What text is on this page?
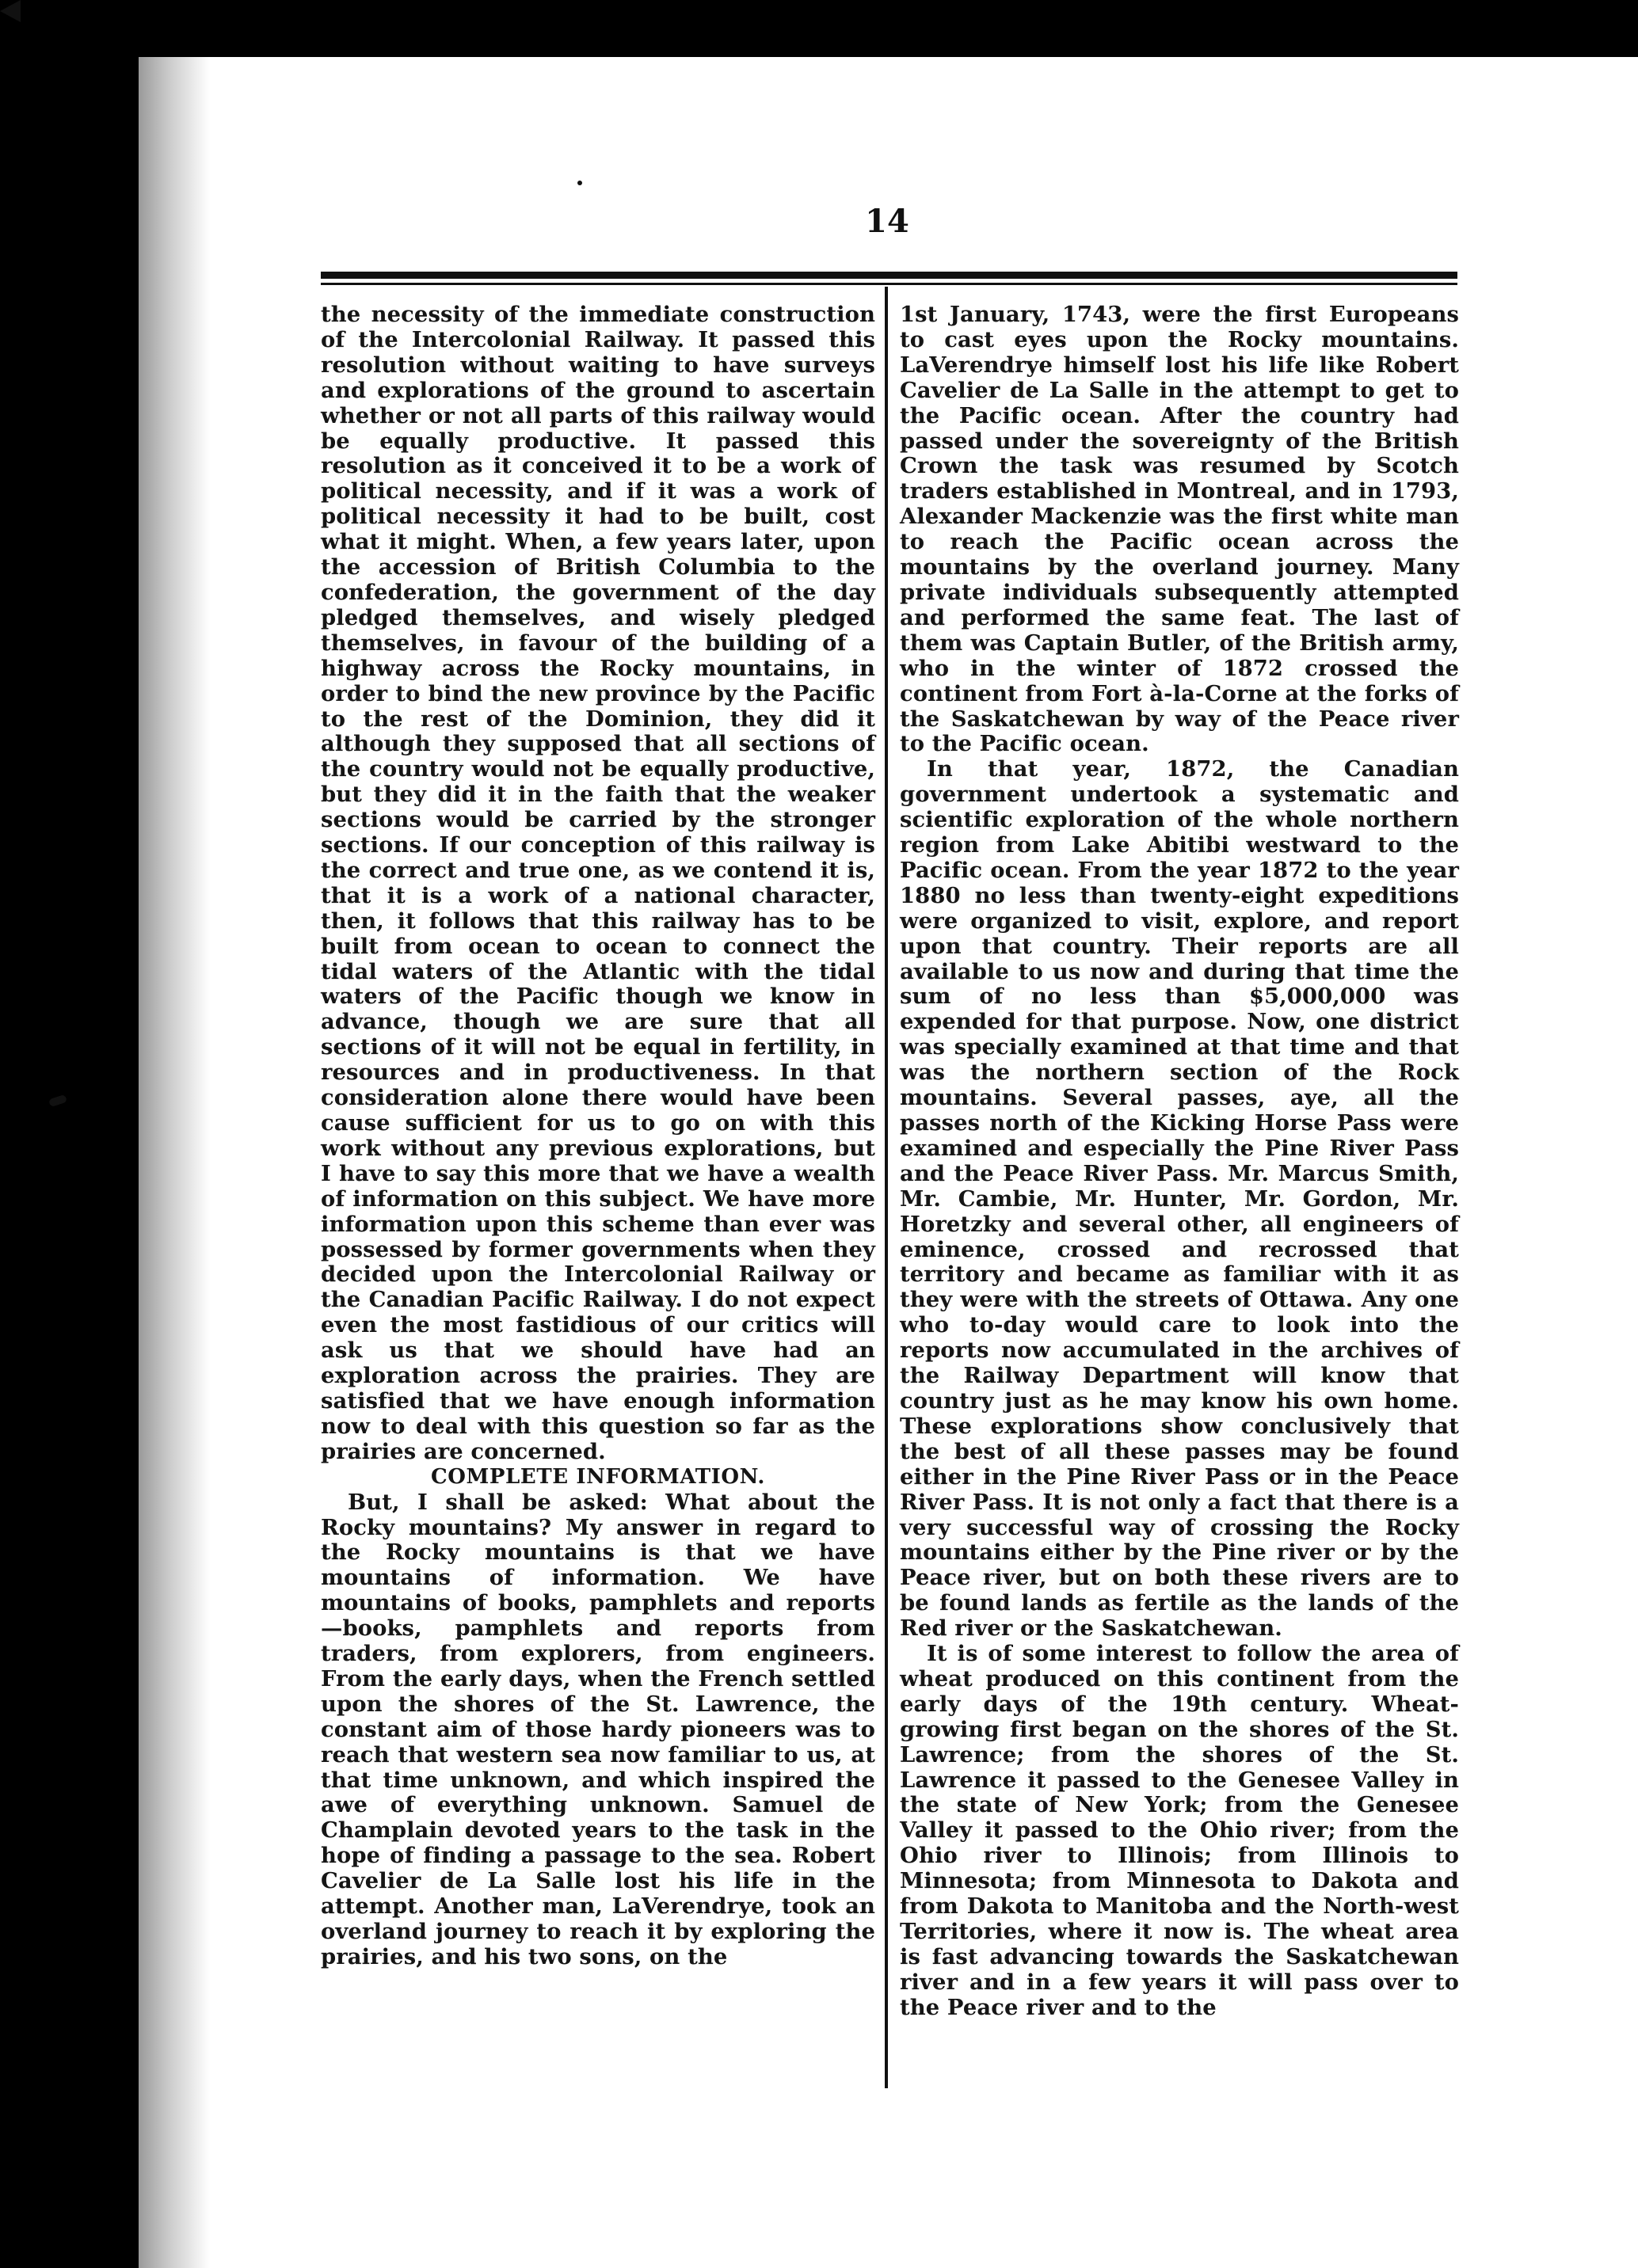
14

the necessity of the immediate construction of the Intercolonial Railway. It passed this resolution without waiting to have surveys and explorations of the ground to ascertain whether or not all parts of this railway would be equally productive. It passed this resolution as it conceived it to be a work of political necessity, and if it was a work of political necessity it had to be built, cost what it might. When, a few years later, upon the accession of British Columbia to the confederation, the government of the day pledged themselves, and wisely pledged themselves, in favour of the building of a highway across the Rocky mountains, in order to bind the new province by the Pacific to the rest of the Dominion, they did it although they supposed that all sections of the country would not be equally productive, but they did it in the faith that the weaker sections would be carried by the stronger sections. If our conception of this railway is the correct and true one, as we contend it is, that it is a work of a national character, then, it follows that this railway has to be built from ocean to ocean to connect the tidal waters of the Atlantic with the tidal waters of the Pacific though we know in advance, though we are sure that all sections of it will not be equal in fertility, in resources and in productiveness. In that consideration alone there would have been cause sufficient for us to go on with this work without any previous explorations, but I have to say this more that we have a wealth of information on this subject. We have more information upon this scheme than ever was possessed by former governments when they decided upon the Intercolonial Railway or the Canadian Pacific Railway. I do not expect even the most fastidious of our critics will ask us that we should have had an exploration across the prairies. They are satisfied that we have enough information now to deal with this question so far as the prairies are concerned.

COMPLETE INFORMATION.

But, I shall be asked: What about the Rocky mountains? My answer in regard to the Rocky mountains is that we have mountains of information. We have mountains of books, pamphlets and reports—books, pamphlets and reports from traders, from explorers, from engineers. From the early days, when the French settled upon the shores of the St. Lawrence, the constant aim of those hardy pioneers was to reach that western sea now familiar to us, at that time unknown, and which inspired the awe of everything unknown. Samuel de Champlain devoted years to the task in the hope of finding a passage to the sea. Robert Cavelier de La Salle lost his life in the attempt. Another man, LaVerendrye, took an overland journey to reach it by exploring the prairies, and his two sons, on the

1st January, 1743, were the first Europeans to cast eyes upon the Rocky mountains. LaVerendrye himself lost his life like Robert Cavelier de La Salle in the attempt to get to the Pacific ocean. After the country had passed under the sovereignty of the British Crown the task was resumed by Scotch traders established in Montreal, and in 1793, Alexander Mackenzie was the first white man to reach the Pacific ocean across the mountains by the overland journey. Many private individuals subsequently attempted and performed the same feat. The last of them was Captain Butler, of the British army, who in the winter of 1872 crossed the continent from Fort à-la-Corne at the forks of the Saskatchewan by way of the Peace river to the Pacific ocean.

In that year, 1872, the Canadian government undertook a systematic and scientific exploration of the whole northern region from Lake Abitibi westward to the Pacific ocean. From the year 1872 to the year 1880 no less than twenty-eight expeditions were organized to visit, explore, and report upon that country. Their reports are all available to us now and during that time the sum of no less than $5,000,000 was expended for that purpose. Now, one district was specially examined at that time and that was the northern section of the Rock mountains. Several passes, aye, all the passes north of the Kicking Horse Pass were examined and especially the Pine River Pass and the Peace River Pass. Mr. Marcus Smith, Mr. Cambie, Mr. Hunter, Mr. Gordon, Mr. Horetzky and several other, all engineers of eminence, crossed and recrossed that territory and became as familiar with it as they were with the streets of Ottawa. Any one who to-day would care to look into the reports now accumulated in the archives of the Railway Department will know that country just as he may know his own home. These explorations show conclusively that the best of all these passes may be found either in the Pine River Pass or in the Peace River Pass. It is not only a fact that there is a very successful way of crossing the Rocky mountains either by the Pine river or by the Peace river, but on both these rivers are to be found lands as fertile as the lands of the Red river or the Saskatchewan.

It is of some interest to follow the area of wheat produced on this continent from the early days of the 19th century. Wheat-growing first began on the shores of the St. Lawrence; from the shores of the St. Lawrence it passed to the Genesee Valley in the state of New York; from the Genesee Valley it passed to the Ohio river; from the Ohio river to Illinois; from Illinois to Minnesota; from Minnesota to Dakota and from Dakota to Manitoba and the North-west Territories, where it now is. The wheat area is fast advancing towards the Saskatchewan river and in a few years it will pass over to the Peace river and to the
